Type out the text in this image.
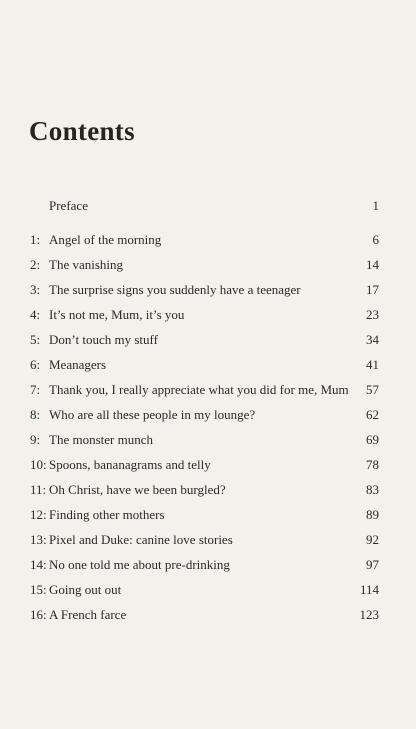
Contents
Preface	1
1: Angel of the morning	6
2: The vanishing	14
3: The surprise signs you suddenly have a teenager	17
4: It’s not me, Mum, it’s you	23
5: Don’t touch my stuff	34
6: Meanagers	41
7: Thank you, I really appreciate what you did for me, Mum 57
8: Who are all these people in my lounge?	62
9: The monster munch	69
10: Spoons, bananagrams and telly	78
11: Oh Christ, have we been burgled?	83
12: Finding other mothers	89
13: Pixel and Duke: canine love stories	92
14: No one told me about pre-drinking	97
15: Going out out	114
16: A French farce	123
